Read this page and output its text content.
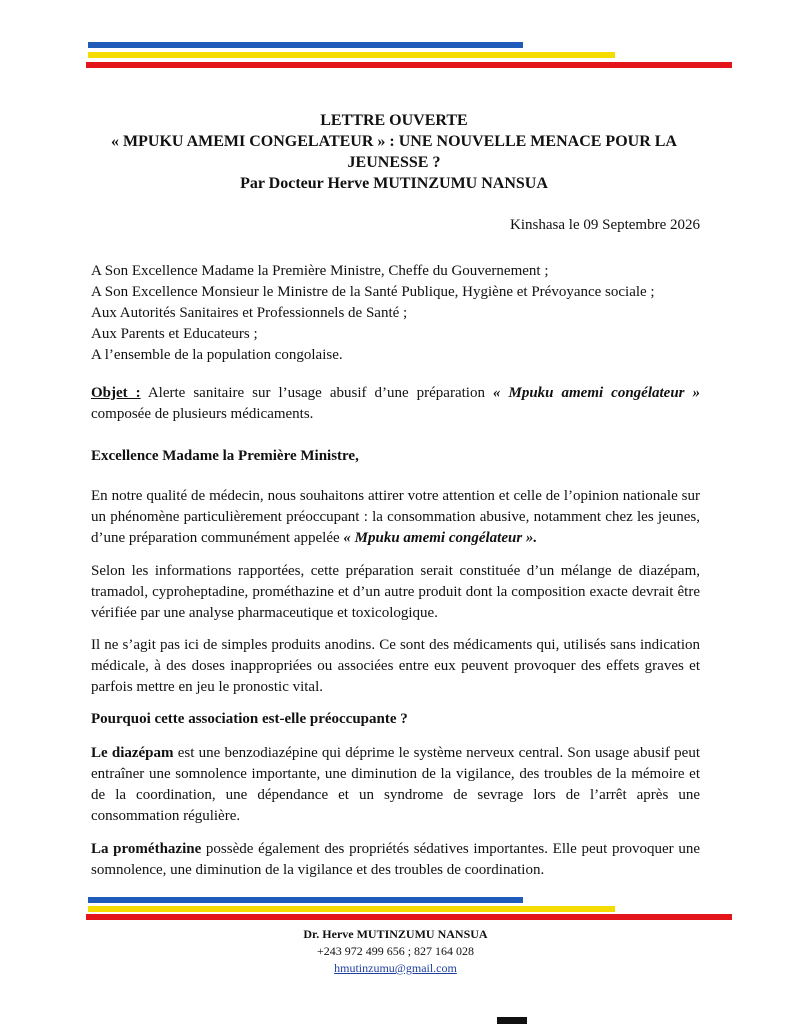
LETTRE OUVERTE
« MPUKU AMEMI CONGELATEUR » : UNE NOUVELLE MENACE POUR LA
JEUNESSE ?
Par Docteur Herve MUTINZUMU NANSUA
Kinshasa le 09 Septembre 2026
A Son Excellence Madame la Première Ministre, Cheffe du Gouvernement ;
A Son Excellence Monsieur le Ministre de la Santé Publique, Hygiène et Prévoyance sociale ;
Aux Autorités Sanitaires et Professionnels de Santé ;
Aux Parents et Educateurs ;
A l’ensemble de la population congolaise.

Objet : Alerte sanitaire sur l’usage abusif d’une préparation « Mpuku amemi congélateur » composée de plusieurs médicaments.

Excellence Madame la Première Ministre,

En notre qualité de médecin, nous souhaitons attirer votre attention et celle de l’opinion nationale sur un phénomène particulièrement préoccupant : la consommation abusive, notamment chez les jeunes, d’une préparation communément appelée « Mpuku amemi congélateur ».

Selon les informations rapportées, cette préparation serait constituée d’un mélange de diazépam, tramadol, cyproheptadine, prométhazine et d’un autre produit dont la composition exacte devrait être vérifiée par une analyse pharmaceutique et toxicologique.

Il ne s’agit pas ici de simples produits anodins. Ce sont des médicaments qui, utilisés sans indication médicale, à des doses inappropriées ou associées entre eux peuvent provoquer des effets graves et parfois mettre en jeu le pronostic vital.

Pourquoi cette association est-elle préoccupante ?

Le diazépam est une benzodiazépine qui déprime le système nerveux central. Son usage abusif peut entraîner une somnolence importante, une diminution de la vigilance, des troubles de la mémoire et de la coordination, une dépendance et un syndrome de sevrage lors de l’arrêt après une consommation régulière.

La prométhazine possède également des propriétés sédatives importantes. Elle peut provoquer une somnolence, une diminution de la vigilance et des troubles de coordination.

Dr. Herve MUTINZUMU NANSUA
+243 972 499 656 ; 827 164 028
hmutinzumu@gmail.com
